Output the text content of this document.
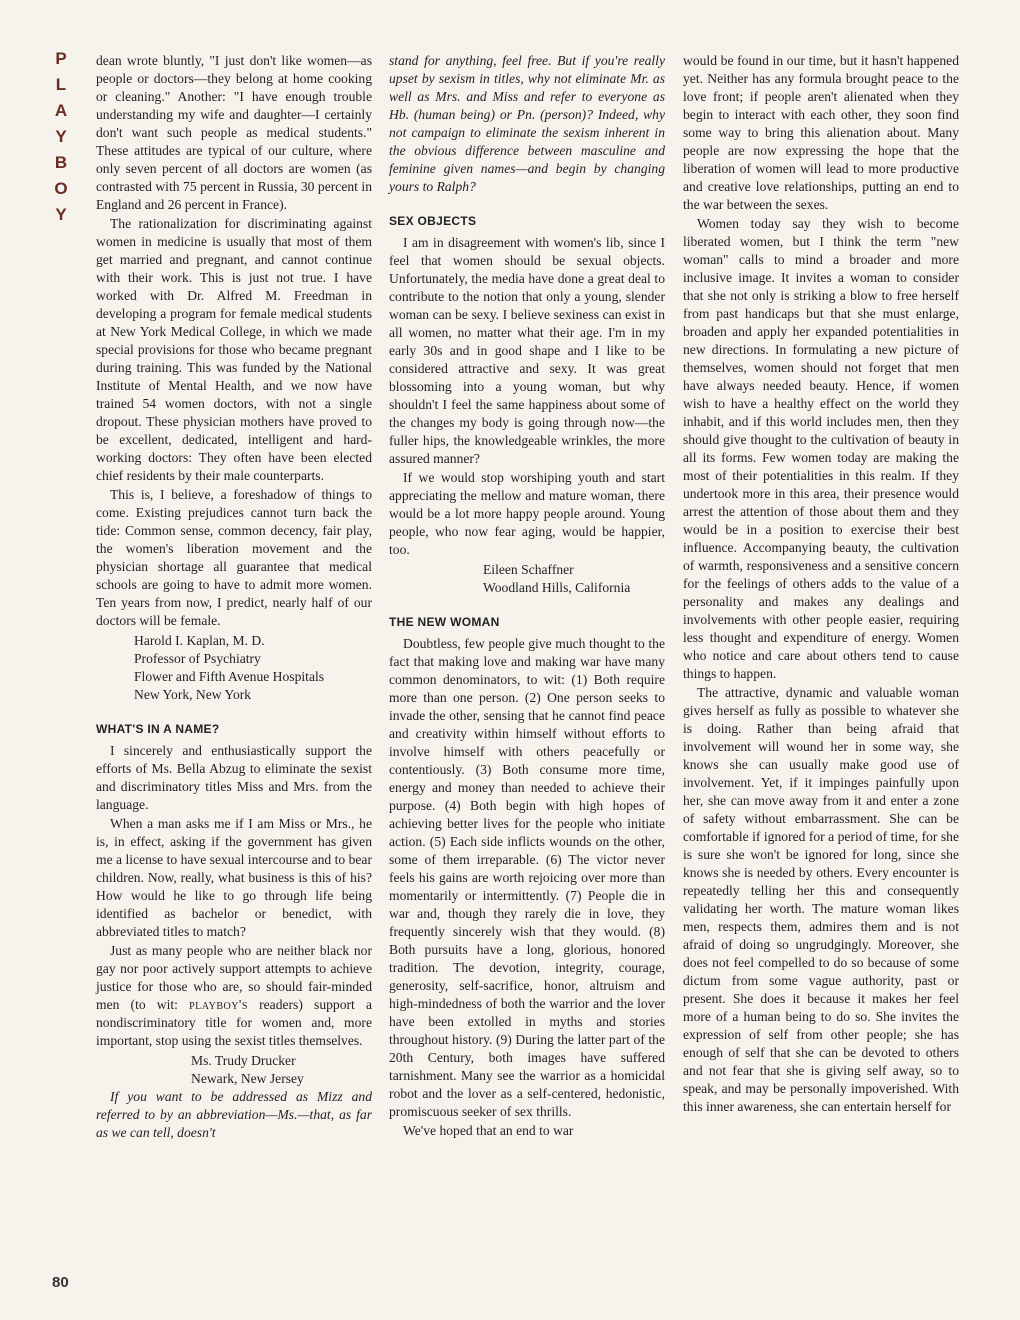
P
L
A
Y
B
O
Y
80

dean wrote bluntly, "I just don't like women—as people or doctors—they belong at home cooking or cleaning." Another: "I have enough trouble understanding my wife and daughter—I certainly don't want such people as medical students." These attitudes are typical of our culture, where only seven percent of all doctors are women (as contrasted with 75 percent in Russia, 30 percent in England and 26 percent in France).

The rationalization for discriminating against women in medicine is usually that most of them get married and pregnant, and cannot continue with their work. This is just not true. I have worked with Dr. Alfred M. Freedman in developing a program for female medical students at New York Medical College, in which we made special provisions for those who became pregnant during training. This was funded by the National Institute of Mental Health, and we now have trained 54 women doctors, with not a single dropout. These physician mothers have proved to be excellent, dedicated, intelligent and hard-working doctors: They often have been elected chief residents by their male counterparts.

This is, I believe, a foreshadow of things to come. Existing prejudices cannot turn back the tide: Common sense, common decency, fair play, the women's liberation movement and the physician shortage all guarantee that medical schools are going to have to admit more women. Ten years from now, I predict, nearly half of our doctors will be female.

Harold I. Kaplan, M. D.
Professor of Psychiatry
Flower and Fifth Avenue Hospitals
New York, New York
WHAT'S IN A NAME?

I sincerely and enthusiastically support the efforts of Ms. Bella Abzug to eliminate the sexist and discriminatory titles Miss and Mrs. from the language.

When a man asks me if I am Miss or Mrs., he is, in effect, asking if the government has given me a license to have sexual intercourse and to bear children. Now, really, what business is this of his? How would he like to go through life being identified as bachelor or benedict, with abbreviated titles to match?

Just as many people who are neither black nor gay nor poor actively support attempts to achieve justice for those who are, so should fair-minded men (to wit: playboy's readers) support a nondiscriminatory title for women and, more important, stop using the sexist titles themselves.

Ms. Trudy Drucker
Newark, New Jersey

If you want to be addressed as Mizz and referred to by an abbreviation—Ms.—that, as far as we can tell, doesn't

stand for anything, feel free. But if you're really upset by sexism in titles, why not eliminate Mr. as well as Mrs. and Miss and refer to everyone as Hb. (human being) or Pn. (person)? Indeed, why not campaign to eliminate the sexism inherent in the obvious difference between masculine and feminine given names—and begin by changing yours to Ralph?

SEX OBJECTS

I am in disagreement with women's lib, since I feel that women should be sexual objects. Unfortunately, the media have done a great deal to contribute to the notion that only a young, slender woman can be sexy. I believe sexiness can exist in all women, no matter what their age. I'm in my early 30s and in good shape and I like to be considered attractive and sexy. It was great blossoming into a young woman, but why shouldn't I feel the same happiness about some of the changes my body is going through now—the fuller hips, the knowledgeable wrinkles, the more assured manner?

If we would stop worshiping youth and start appreciating the mellow and mature woman, there would be a lot more happy people around. Young people, who now fear aging, would be happier, too.

Eileen Schaffner
Woodland Hills, California
THE NEW WOMAN

Doubtless, few people give much thought to the fact that making love and making war have many common denominators, to wit: (1) Both require more than one person. (2) One person seeks to invade the other, sensing that he cannot find peace and creativity within himself without efforts to involve himself with others peacefully or contentiously. (3) Both consume more time, energy and money than needed to achieve their purpose. (4) Both begin with high hopes of achieving better lives for the people who initiate action. (5) Each side inflicts wounds on the other, some of them irreparable. (6) The victor never feels his gains are worth rejoicing over more than momentarily or intermittently. (7) People die in war and, though they rarely die in love, they frequently sincerely wish that they would. (8) Both pursuits have a long, glorious, honored tradition. The devotion, integrity, courage, generosity, self-sacrifice, honor, altruism and high-mindedness of both the warrior and the lover have been extolled in myths and stories throughout history. (9) During the latter part of the 20th Century, both images have suffered tarnishment. Many see the warrior as a homicidal robot and the lover as a self-centered, hedonistic, promiscuous seeker of sex thrills.

We've hoped that an end to war

would be found in our time, but it hasn't happened yet. Neither has any formula brought peace to the love front; if people aren't alienated when they begin to interact with each other, they soon find some way to bring this alienation about. Many people are now expressing the hope that the liberation of women will lead to more productive and creative love relationships, putting an end to the war between the sexes.

Women today say they wish to become liberated women, but I think the term "new woman" calls to mind a broader and more inclusive image. It invites a woman to consider that she not only is striking a blow to free herself from past handicaps but that she must enlarge, broaden and apply her expanded potentialities in new directions. In formulating a new picture of themselves, women should not forget that men have always needed beauty. Hence, if women wish to have a healthy effect on the world they inhabit, and if this world includes men, then they should give thought to the cultivation of beauty in all its forms. Few women today are making the most of their potentialities in this realm. If they undertook more in this area, their presence would arrest the attention of those about them and they would be in a position to exercise their best influence. Accompanying beauty, the cultivation of warmth, responsiveness and a sensitive concern for the feelings of others adds to the value of a personality and makes any dealings and involvements with other people easier, requiring less thought and expenditure of energy. Women who notice and care about others tend to cause things to happen.

The attractive, dynamic and valuable woman gives herself as fully as possible to whatever she is doing. Rather than being afraid that involvement will wound her in some way, she knows she can usually make good use of involvement. Yet, if it impinges painfully upon her, she can move away from it and enter a zone of safety without embarrassment. She can be comfortable if ignored for a period of time, for she is sure she won't be ignored for long, since she knows she is needed by others. Every encounter is repeatedly telling her this and consequently validating her worth. The mature woman likes men, respects them, admires them and is not afraid of doing so ungrudgingly. Moreover, she does not feel compelled to do so because of some dictum from some vague authority, past or present. She does it because it makes her feel more of a human being to do so. She invites the expression of self from other people; she has enough of self that she can be devoted to others and not fear that she is giving self away, so to speak, and may be personally impoverished. With this inner awareness, she can entertain herself for
